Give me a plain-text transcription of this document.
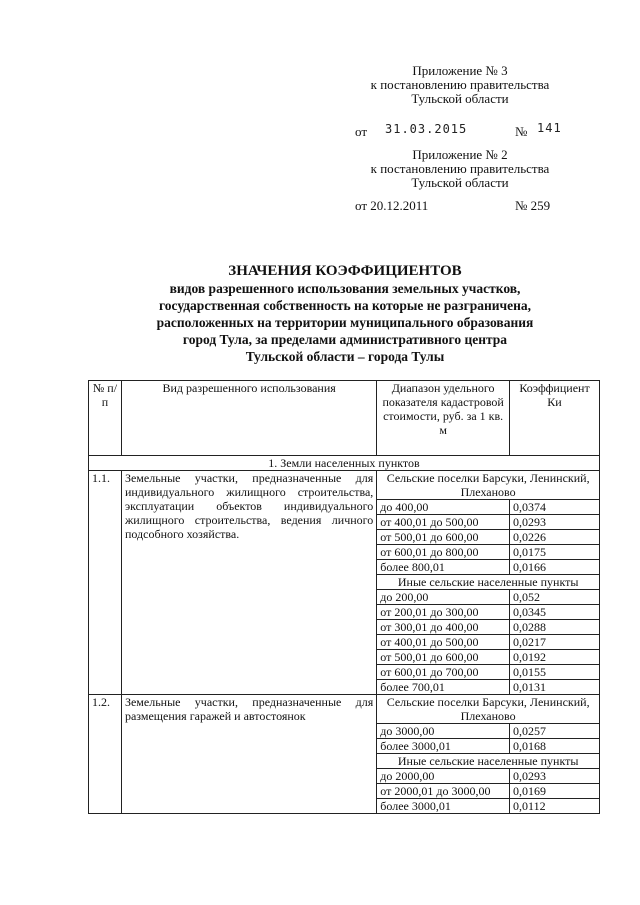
Приложение № 3
к постановлению правительства
Тульской области
от 31.03.2015	№ 141
Приложение № 2
к постановлению правительства
Тульской области
от 20.12.2011	№ 259
ЗНАЧЕНИЯ КОЭФФИЦИЕНТОВ
видов разрешенного использования земельных участков,
государственная собственность на которые не разграничена,
расположенных на территории муниципального образования
город Тула, за пределами административного центра
Тульской области – города Тулы
№ п/п	Вид разрешенного использования	Диапазон удельного показателя кадастровой стоимости, руб. за 1 кв. м	Коэффициент Ки
1. Земли населенных пунктов			
1.1.	Земельные участки, предназначенные для индивидуального жилищного строительства, эксплуатации объектов индивидуального жилищного строительства, ведения личного подсобного хозяйства.	Сельские поселки Барсуки, Ленинский, Плеханово	
		до 400,00	0,0374
		от 400,01 до 500,00	0,0293
		от 500,01 до 600,00	0,0226
		от 600,01 до 800,00	0,0175
		более 800,01	0,0166
		Иные сельские населенные пункты	
		до 200,00	0,052
		от 200,01 до 300,00	0,0345
		от 300,01 до 400,00	0,0288
		от 400,01 до 500,00	0,0217
		от 500,01 до 600,00	0,0192
		от 600,01 до 700,00	0,0155
		более 700,01	0,0131
1.2.	Земельные участки, предназначенные для размещения гаражей и автостоянок	Сельские поселки Барсуки, Ленинский, Плеханово	
		до 3000,00	0,0257
		более 3000,01	0,0168
		Иные сельские населенные пункты	
		до 2000,00	0,0293
		от 2000,01 до 3000,00	0,0169
		более 3000,01	0,0112
